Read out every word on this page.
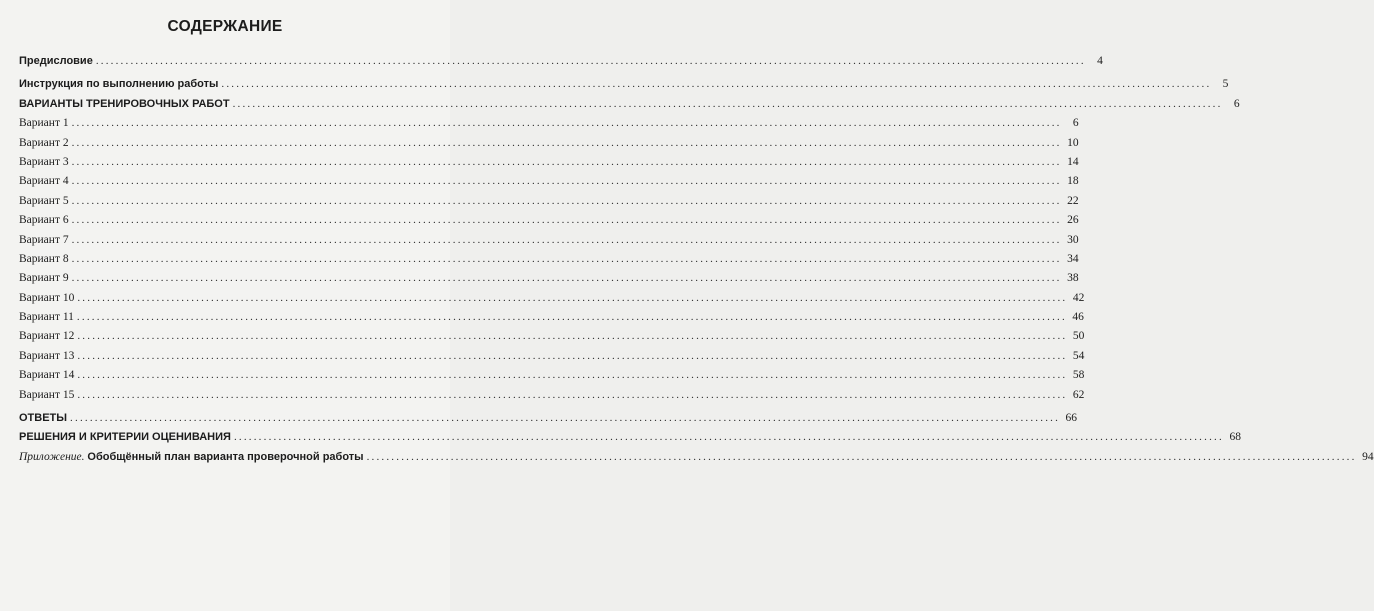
СОДЕРЖАНИЕ
Предисловие ........................................................................................................................................................................................................ 4
Инструкция по выполнению работы ........................................................................................................................................................................................................ 5
ВАРИАНТЫ ТРЕНИРОВОЧНЫХ РАБОТ ........................................................................................................................................................................................................ 6
Вариант 1 ........................................................................................................................................................................................................ 6
Вариант 2 ........................................................................................................................................................................................................ 10
Вариант 3 ........................................................................................................................................................................................................ 14
Вариант 4 ........................................................................................................................................................................................................ 18
Вариант 5 ........................................................................................................................................................................................................ 22
Вариант 6 ........................................................................................................................................................................................................ 26
Вариант 7 ........................................................................................................................................................................................................ 30
Вариант 8 ........................................................................................................................................................................................................ 34
Вариант 9 ........................................................................................................................................................................................................ 38
Вариант 10 ........................................................................................................................................................................................................ 42
Вариант 11 ........................................................................................................................................................................................................ 46
Вариант 12 ........................................................................................................................................................................................................ 50
Вариант 13 ........................................................................................................................................................................................................ 54
Вариант 14 ........................................................................................................................................................................................................ 58
Вариант 15 ........................................................................................................................................................................................................ 62
ОТВЕТЫ ........................................................................................................................................................................................................ 66
РЕШЕНИЯ И КРИТЕРИИ ОЦЕНИВАНИЯ ........................................................................................................................................................................................................ 68
Приложение. Обобщённый план варианта проверочной работы ........................................................................................................................................................................................................ 94
